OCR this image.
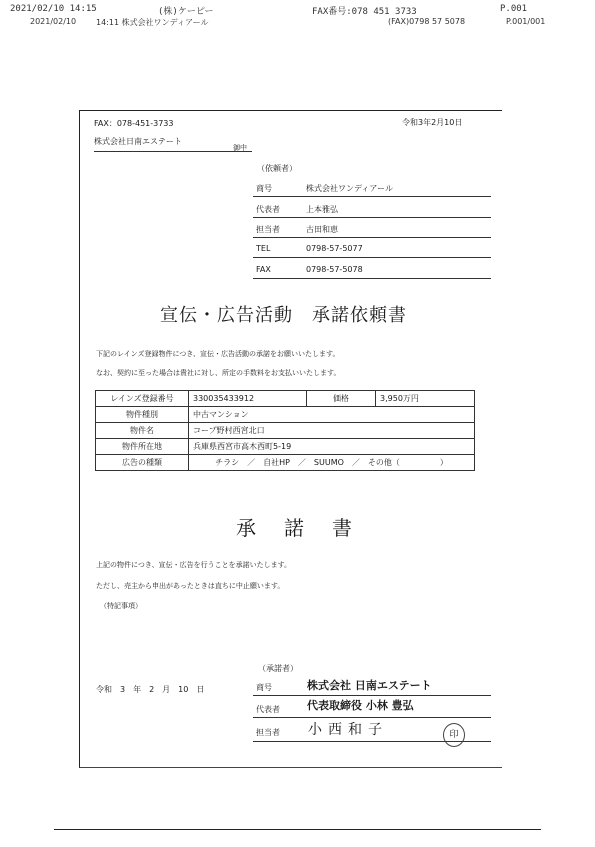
2021/02/10 14:15	(株)ケーピー	FAX番号:078 451 3733	P.001
2021/02/10 14:11 株式会社ワンディアール	(FAX)0798 57 5078	P.001/001
FAX：078-451-3733	令和3年2月10日
株式会社日南エステート
御中
（依頼者）
商号	株式会社ワンディアール
代表者	上本雅弘
担当者	古田和恵
TEL	0798-57-5077
FAX	0798-57-5078
宣伝・広告活動　承諾依頼書
下記のレインズ登録物件につき、宣伝・広告活動の承諾をお願いいたします。
なお、契約に至った場合は貴社に対し、所定の手数料をお支払いいたします。
レインズ登録番号	330035433912	価格	3,950万円
物件種別	中古マンション		
物件名	コープ野村西宮北口		
物件所在地	兵庫県西宮市高木西町5-19		
広告の種類	チラシ　／　自社HP　／　SUUMO　／　その他（　　　　　）		
承　諾　書
上記の物件につき、宣伝・広告を行うことを承諾いたします。
ただし、売主から申出があったときは直ちに中止願います。
（特記事項）
（承諾者）
令和　3　年　2　月　10　日	商号	株式会社 日南エステート
代表者 代表取締役 小林 豊弘
担当者 小西和子	印
